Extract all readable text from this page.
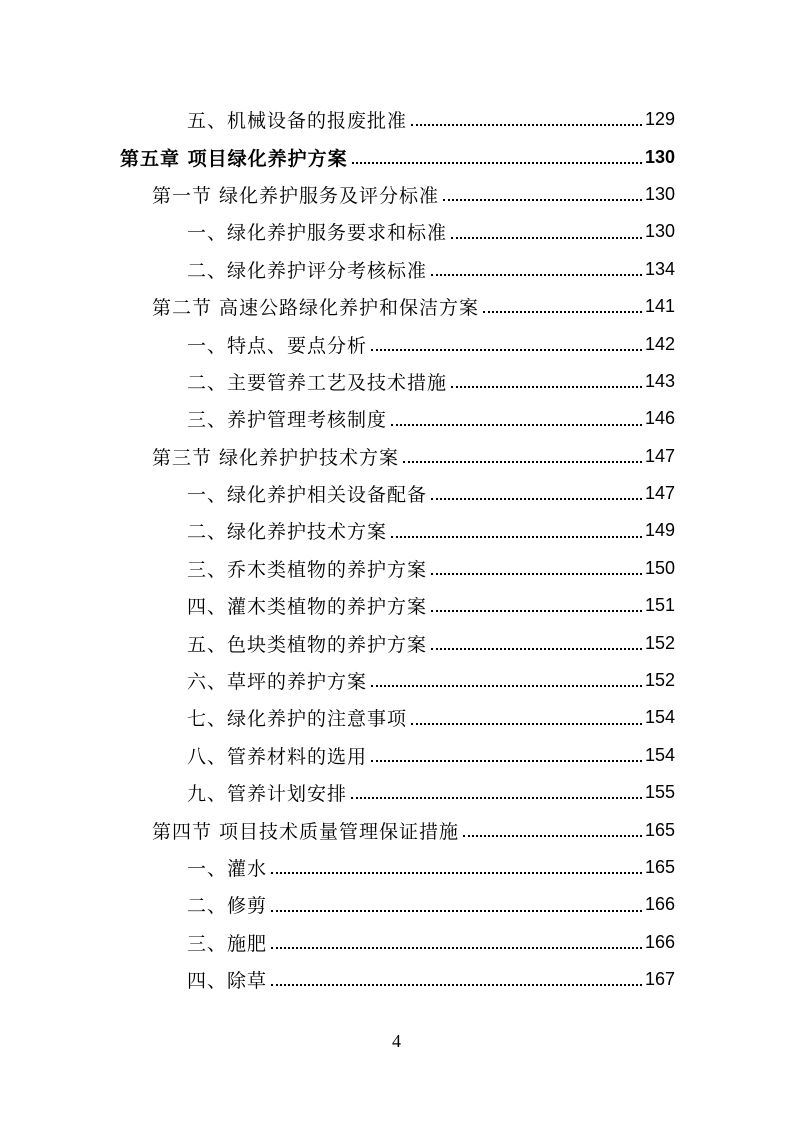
五、机械设备的报废批准	129
第五章 项目绿化养护方案	130
第一节 绿化养护服务及评分标准	130
一、绿化养护服务要求和标准	130
二、绿化养护评分考核标准	134
第二节 高速公路绿化养护和保洁方案	141
一、特点、要点分析	142
二、主要管养工艺及技术措施	143
三、养护管理考核制度	146
第三节 绿化养护护技术方案	147
一、绿化养护相关设备配备	147
二、绿化养护技术方案	149
三、乔木类植物的养护方案	150
四、灌木类植物的养护方案	151
五、色块类植物的养护方案	152
六、草坪的养护方案	152
七、绿化养护的注意事项	154
八、管养材料的选用	154
九、管养计划安排	155
第四节 项目技术质量管理保证措施	165
一、灌水	165
二、修剪	166
三、施肥	166
四、除草	167
4
